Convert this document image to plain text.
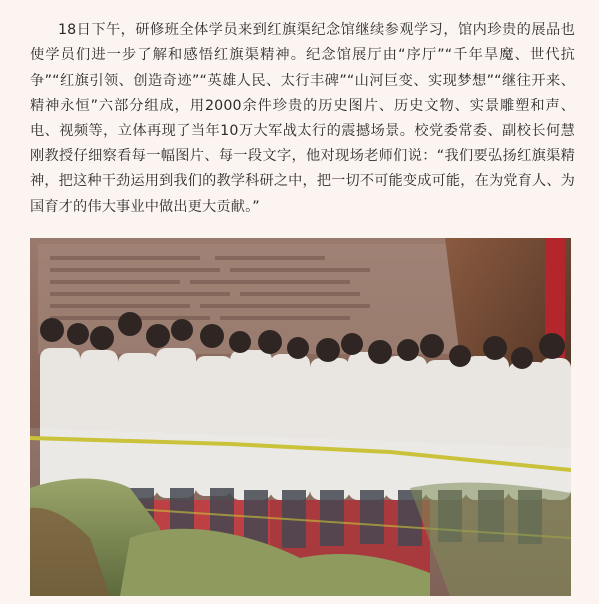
18日下午，研修班全体学员来到红旗渠纪念馆继续参观学习，馆内珍贵的展品也使学员们进一步了解和感悟红旗渠精神。纪念馆展厅由“序厅”“千年旱魔、世代抗争”“红旗引领、创造奇迹”“英雄人民、太行丰碑”“山河巨变、实现梦想”“继往开来、精神永恒”六部分组成，用2000余件珍贵的历史图片、历史文物、实景雕塑和声、电、视频等，立体再现了当年10万大军战太行的震撼场景。校党委常委、副校长何慧刚教授仔细察看每一幅图片、每一段文字，他对现场老师们说：“我们要弘扬红旗渠精神，把这种干劲运用到我们的教学科研之中，把一切不可能变成可能，在为党育人、为国育才的伟大事业中做出更大贡献。”
